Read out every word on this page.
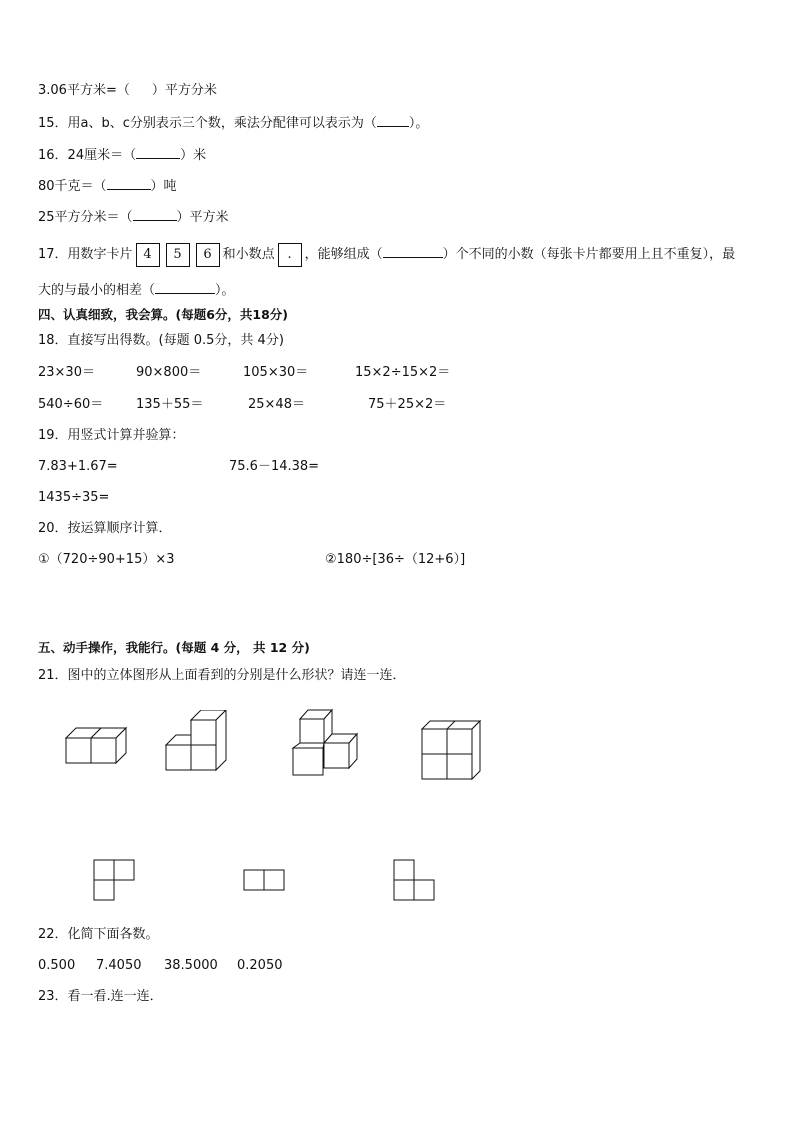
3.06平方米=（ ）平方分米
15．用a、b、c分别表示三个数，乘法分配律可以表示为（ ）。
16．24厘米＝（	）米
80千克＝（	）吨
25平方分米＝（	）平方米
17．用数字卡片 4 5 6 和小数点 . ，能够组成（	）个不同的小数（每张卡片都要用上且不重复），最
大的与最小的相差（	）。
四、认真细致，我会算。(每题6分，共18分)
18．直接写出得数。(每题 0.5分，共 4分)
23×30＝	90×800＝	105×30＝	15×2÷15×2＝
540÷60＝	135＋55＝	25×48＝	75＋25×2＝
19．用竖式计算并验算：
7.83+1.67=	75.6－14.38=
1435÷35=
20．按运算顺序计算．
①（720÷90+15）×3	②180÷[36÷（12+6）]
五、动手操作，我能行。(每题 4 分， 共 12 分)
21．图中的立体图形从上面看到的分别是什么形状？请连一连．
22．化简下面各数。
0.500 7.4050 38.5000 0.2050
23．看一看.连一连．
